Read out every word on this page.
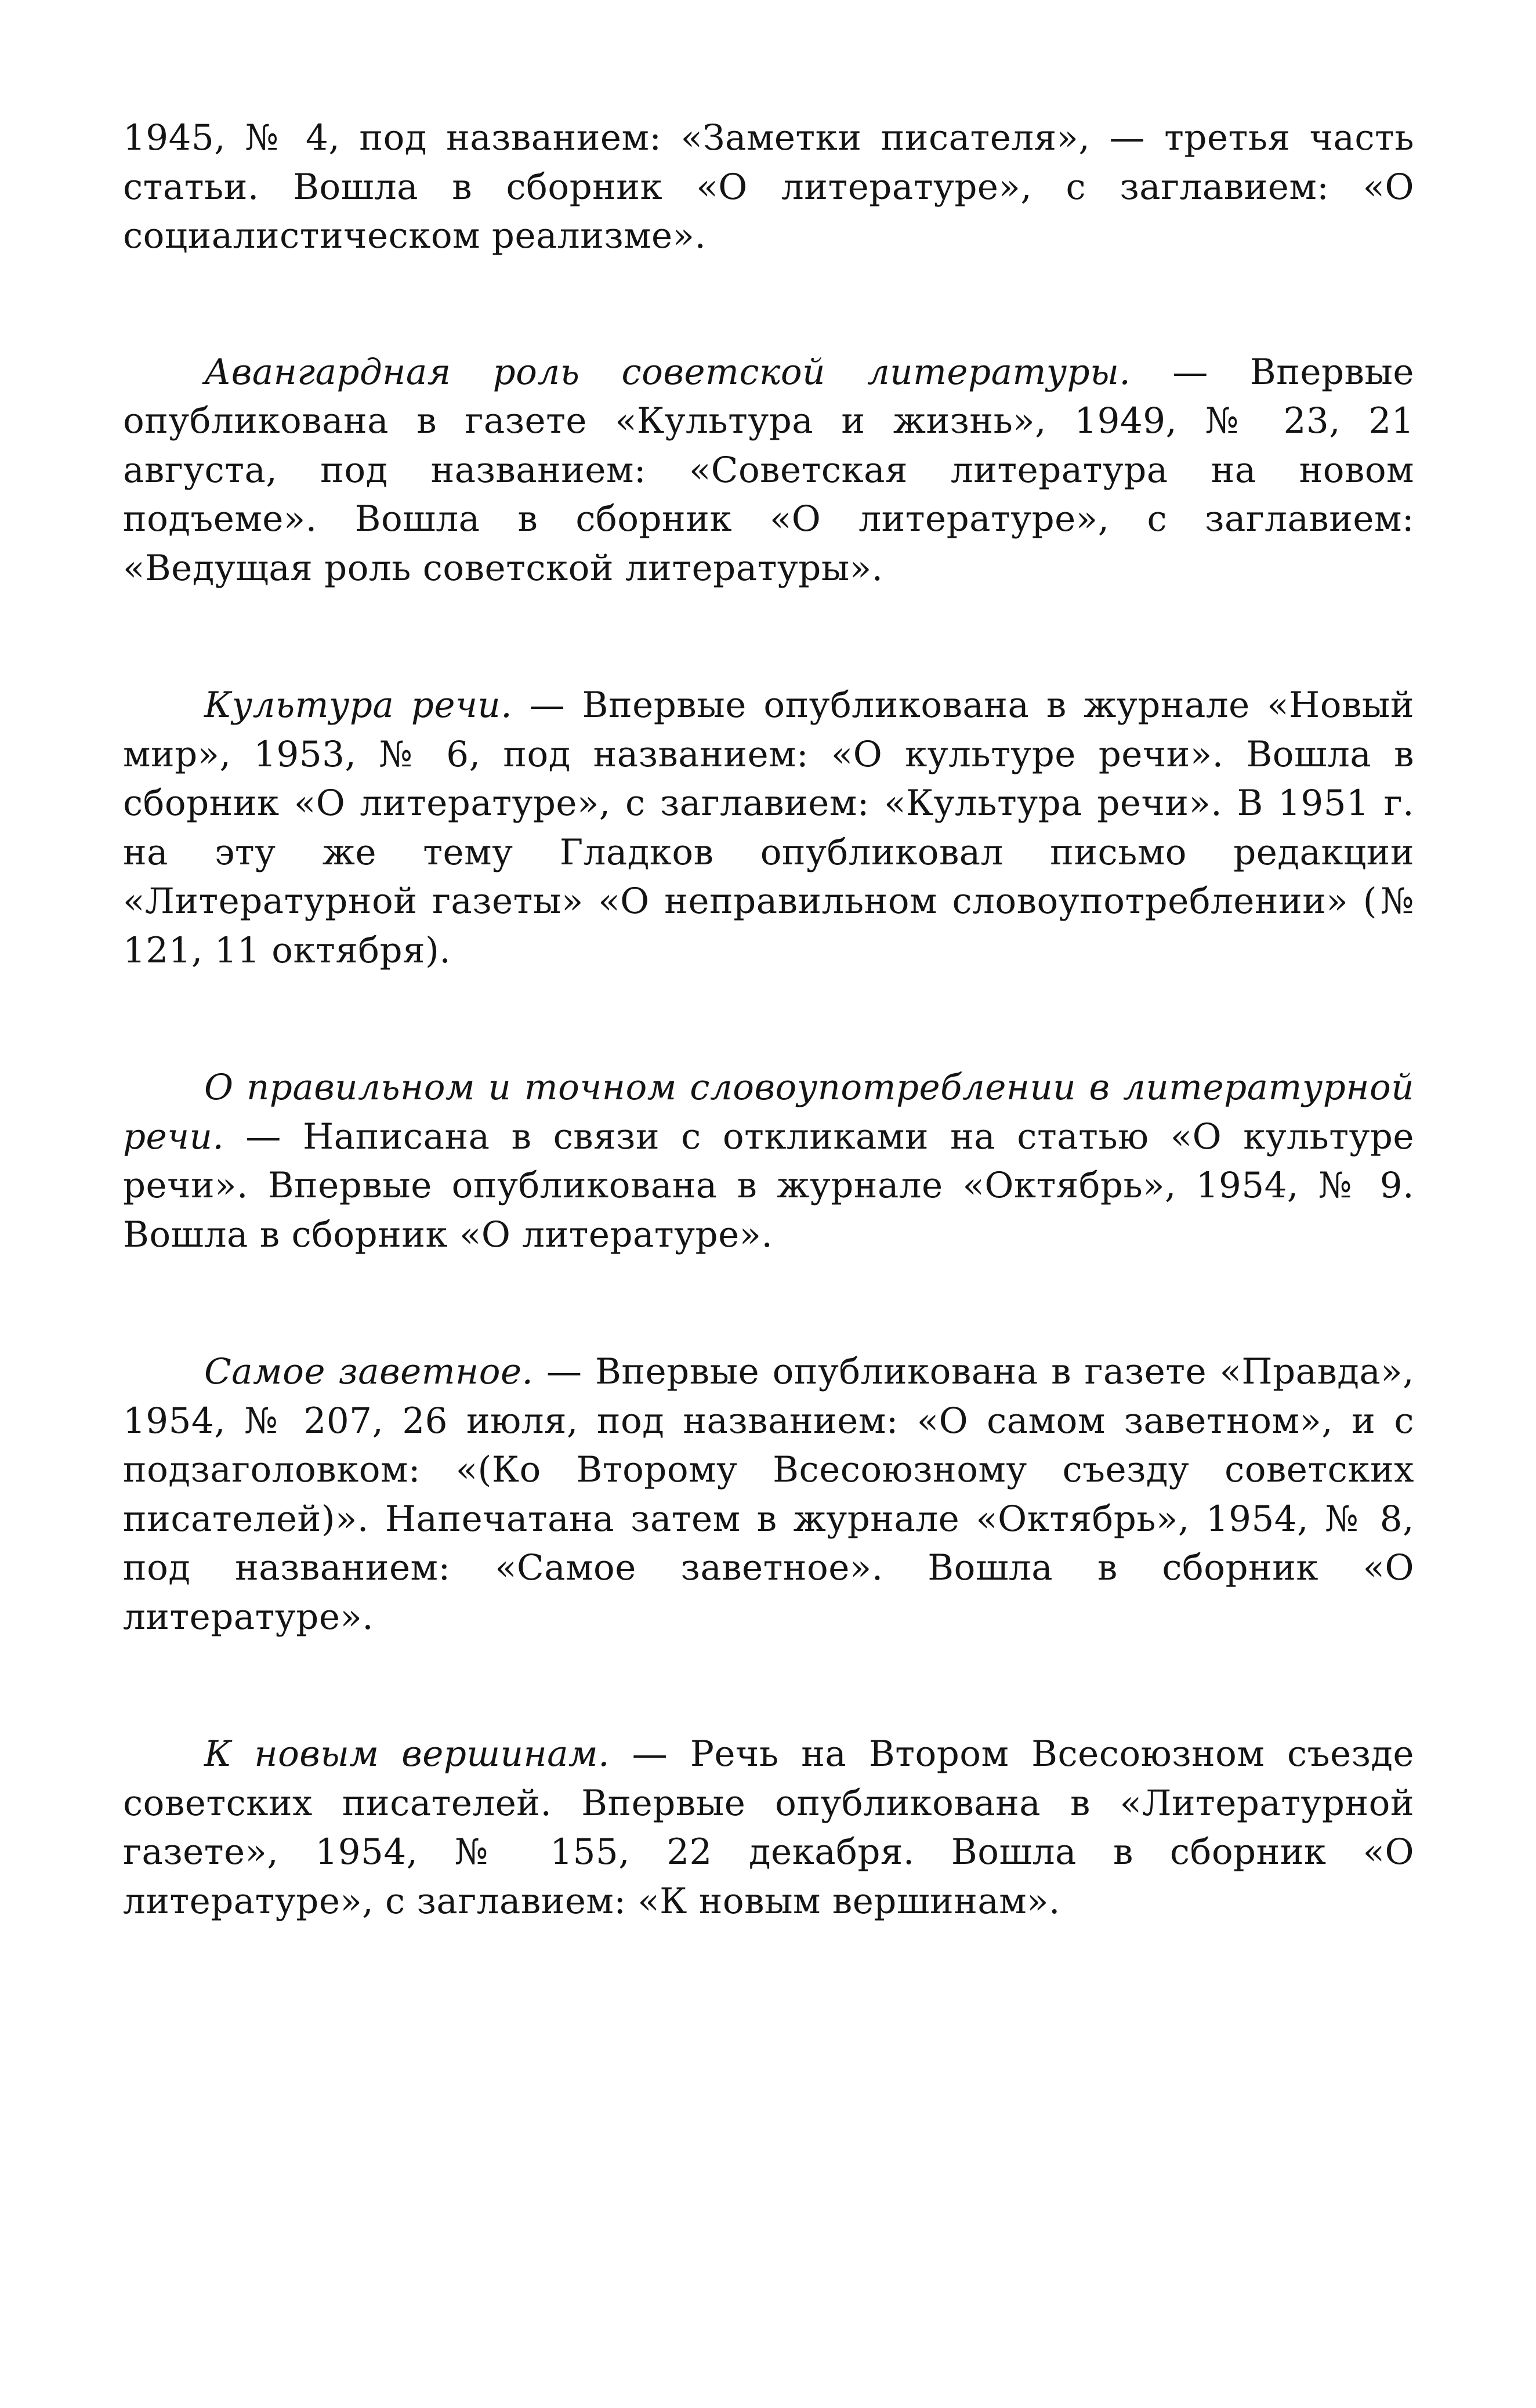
1945, № 4, под названием: «Заметки писателя», — третья часть статьи. Вошла в сборник «О литературе», с заглавием: «О социалистическом реализме».

Авангардная роль советской литературы. — Впервые опубликована в газете «Культура и жизнь», 1949, № 23, 21 августа, под названием: «Советская литература на новом подъеме». Вошла в сборник «О литературе», с заглавием: «Ведущая роль советской литературы».

Культура речи. — Впервые опубликована в журнале «Новый мир», 1953, № 6, под названием: «О культуре речи». Вошла в сборник «О литературе», с заглавием: «Культура речи». В 1951 г. на эту же тему Гладков опубликовал письмо редакции «Литературной газеты» «О неправильном словоупотреблении» (№ 121, 11 октября).

О правильном и точном словоупотреблении в литературной речи. — Написана в связи с откликами на статью «О культуре речи». Впервые опубликована в журнале «Октябрь», 1954, № 9. Вошла в сборник «О литературе».

Самое заветное. — Впервые опубликована в газете «Правда», 1954, № 207, 26 июля, под названием: «О самом заветном», и с подзаголовком: «(Ко Второму Всесоюзному съезду советских писателей)». Напечатана затем в журнале «Октябрь», 1954, № 8, под названием: «Самое заветное». Вошла в сборник «О литературе».

К новым вершинам. — Речь на Втором Всесоюзном съезде советских писателей. Впервые опубликована в «Литературной газете», 1954, № 155, 22 декабря. Вошла в сборник «О литературе», с заглавием: «К новым вершинам».
